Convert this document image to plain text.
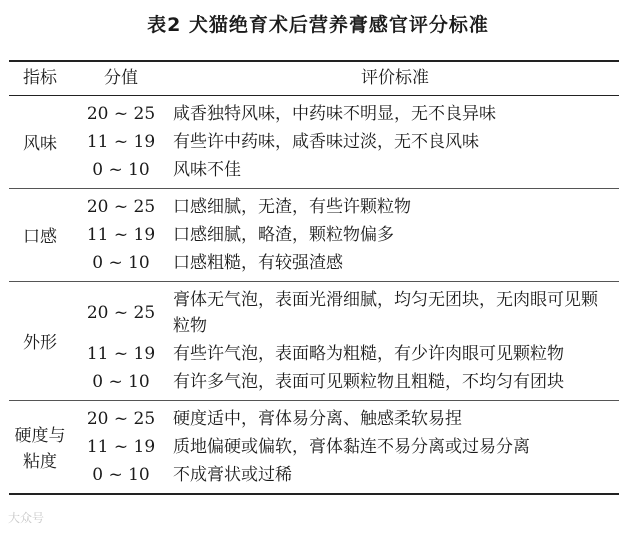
表2 犬猫绝育术后营养膏感官评分标准
指标	分值	评价标准
风味	20 ~ 25	咸香独特风味，中药味不明显，无不良异味
	11 ~ 19	有些许中药味，咸香味过淡，无不良风味
	0 ~ 10	风味不佳
口感	20 ~ 25	口感细腻，无渣，有些许颗粒物
	11 ~ 19	口感细腻，略渣，颗粒物偏多
	0 ~ 10	口感粗糙，有较强渣感
外形	20 ~ 25	膏体无气泡，表面光滑细腻，均匀无团块，无肉眼可见颗粒物
	11 ~ 19	有些许气泡，表面略为粗糙，有少许肉眼可见颗粒物
	0 ~ 10	有许多气泡，表面可见颗粒物且粗糙，不均匀有团块
硬度与粘度	20 ~ 25	硬度适中，膏体易分离、触感柔软易捏
	11 ~ 19	质地偏硬或偏软，膏体黏连不易分离或过易分离
	0 ~ 10	不成膏状或过稀
大众号
